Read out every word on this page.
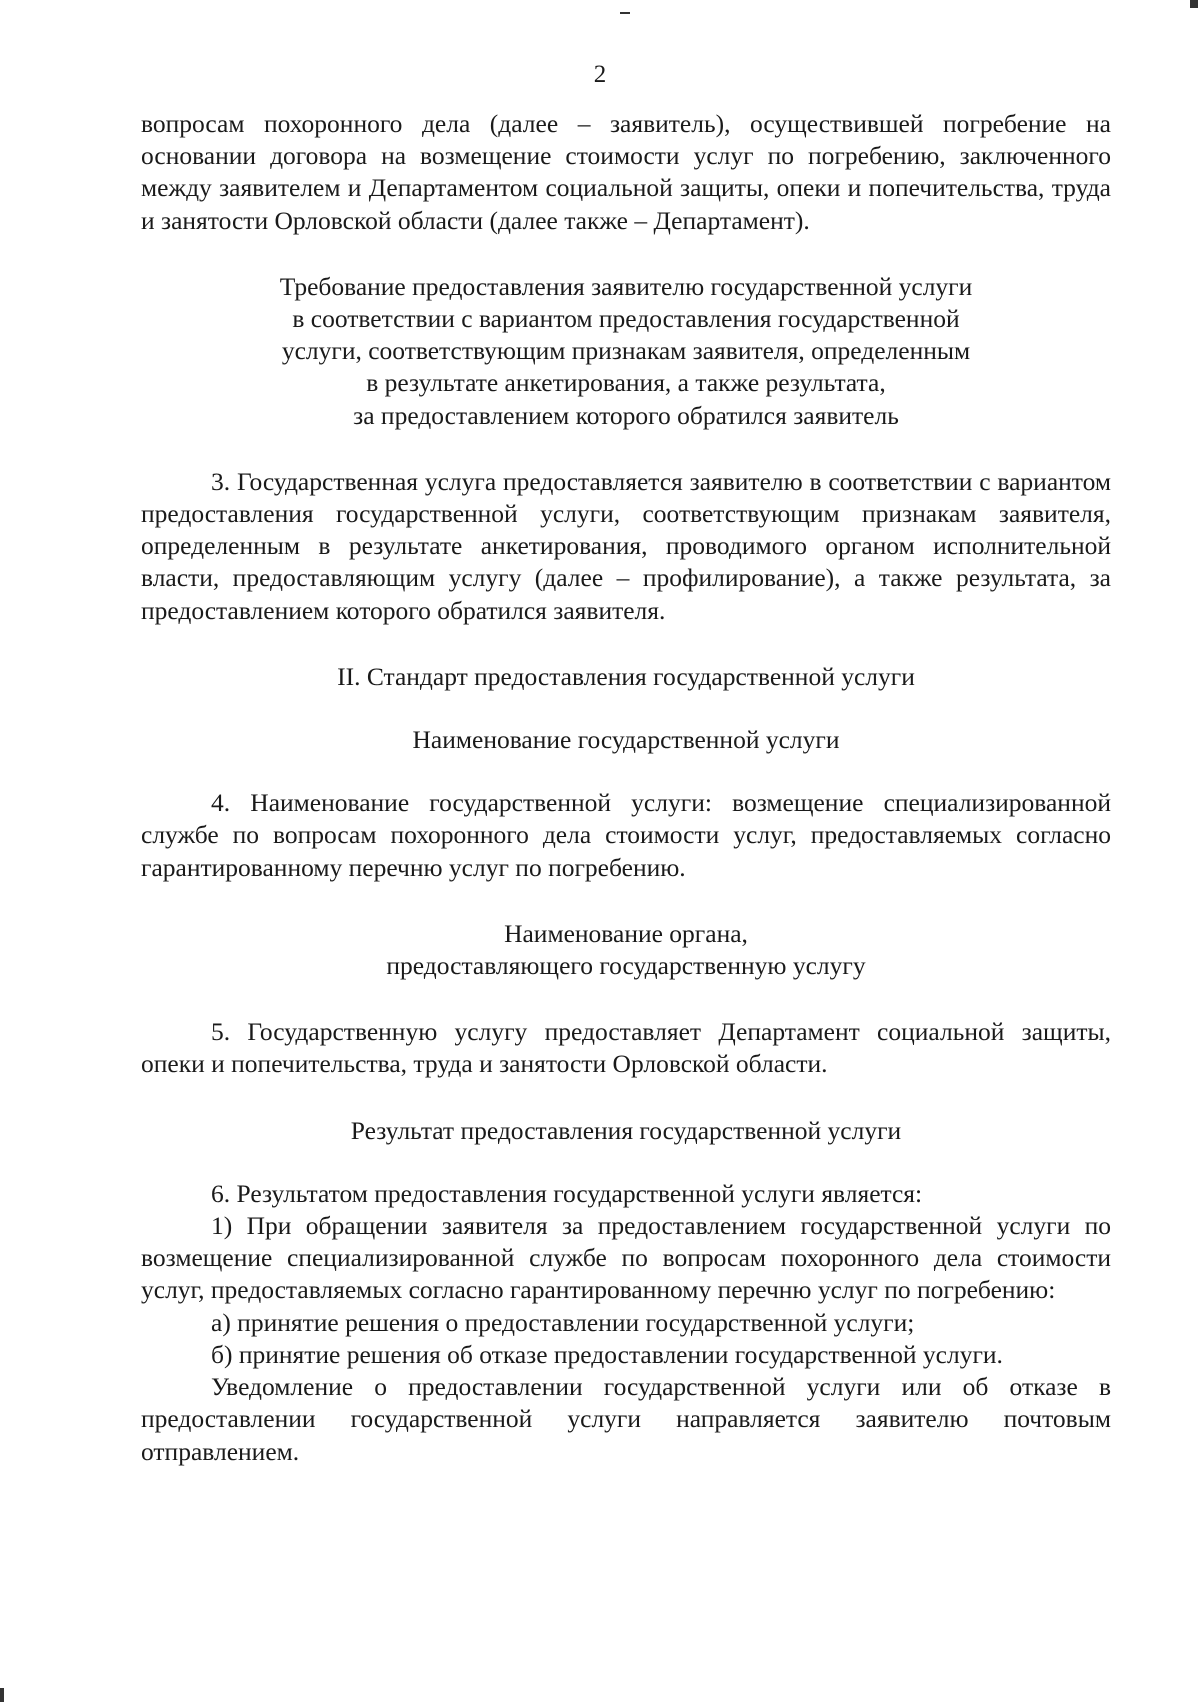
2

вопросам похоронного дела (далее – заявитель), осуществившей погребение на основании договора на возмещение стоимости услуг по погребению, заключенного между заявителем и Департаментом социальной защиты, опеки и попечительства, труда и занятости Орловской области (далее также – Департамент).

Требование предоставления заявителю государственной услуги
в соответствии с вариантом предоставления государственной
услуги, соответствующим признакам заявителя, определенным
в результате анкетирования, а также результата,
за предоставлением которого обратился заявитель

3. Государственная услуга предоставляется заявителю в соответствии с вариантом предоставления государственной услуги, соответствующим признакам заявителя, определенным в результате анкетирования, проводимого органом исполнительной власти, предоставляющим услугу (далее – профилирование), а также результата, за предоставлением которого обратился заявителя.

II. Стандарт предоставления государственной услуги
Наименование государственной услуги

4. Наименование государственной услуги: возмещение специализированной службе по вопросам похоронного дела стоимости услуг, предоставляемых согласно гарантированному перечню услуг по погребению.

Наименование органа,
предоставляющего государственную услугу

5. Государственную услугу предоставляет Департамент социальной защиты, опеки и попечительства, труда и занятости Орловской области.

Результат предоставления государственной услуги

6. Результатом предоставления государственной услуги является:

1) При обращении заявителя за предоставлением государственной услуги по возмещение специализированной службе по вопросам похоронного дела стоимости услуг, предоставляемых согласно гарантированному перечню услуг по погребению:

а) принятие решения о предоставлении государственной услуги;

б) принятие решения об отказе предоставлении государственной услуги.

Уведомление о предоставлении государственной услуги или об отказе в предоставлении государственной услуги направляется заявителю почтовым отправлением.
